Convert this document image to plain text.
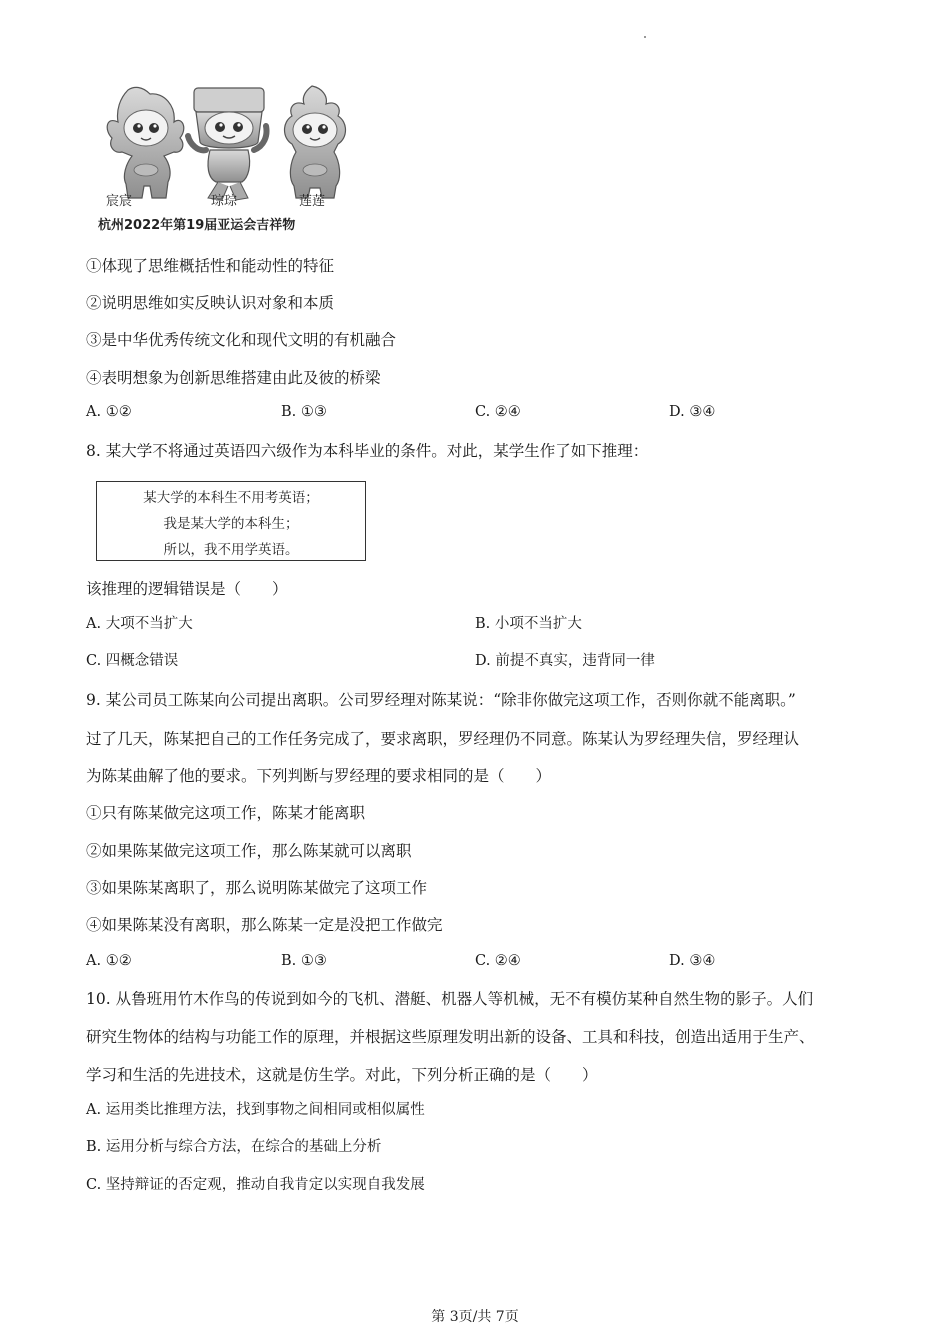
宸宸	琮琮	莲莲
杭州2022年第19届亚运会吉祥物
①体现了思维概括性和能动性的特征
②说明思维如实反映认识对象和本质
③是中华优秀传统文化和现代文明的有机融合
④表明想象为创新思维搭建由此及彼的桥梁
A. ①②	B. ①③	C. ②④	D. ③④
8. 某大学不将通过英语四六级作为本科毕业的条件。对此，某学生作了如下推理：
某大学的本科生不用考英语；
我是某大学的本科生；
所以，我不用学英语。
该推理的逻辑错误是（　　）
A. 大项不当扩大	B. 小项不当扩大
C. 四概念错误	D. 前提不真实，违背同一律
9. 某公司员工陈某向公司提出离职。公司罗经理对陈某说：“除非你做完这项工作，否则你就不能离职。”
过了几天，陈某把自己的工作任务完成了，要求离职，罗经理仍不同意。陈某认为罗经理失信，罗经理认
为陈某曲解了他的要求。下列判断与罗经理的要求相同的是（　　）
①只有陈某做完这项工作，陈某才能离职
②如果陈某做完这项工作，那么陈某就可以离职
③如果陈某离职了，那么说明陈某做完了这项工作
④如果陈某没有离职，那么陈某一定是没把工作做完
A. ①②	B. ①③	C. ②④	D. ③④
10. 从鲁班用竹木作鸟的传说到如今的飞机、潜艇、机器人等机械，无不有模仿某种自然生物的影子。人们
研究生物体的结构与功能工作的原理，并根据这些原理发明出新的设备、工具和科技，创造出适用于生产、
学习和生活的先进技术，这就是仿生学。对此，下列分析正确的是（　　）
A. 运用类比推理方法，找到事物之间相同或相似属性
B. 运用分析与综合方法，在综合的基础上分析
C. 坚持辩证的否定观，推动自我肯定以实现自我发展
第 3页/共 7页
